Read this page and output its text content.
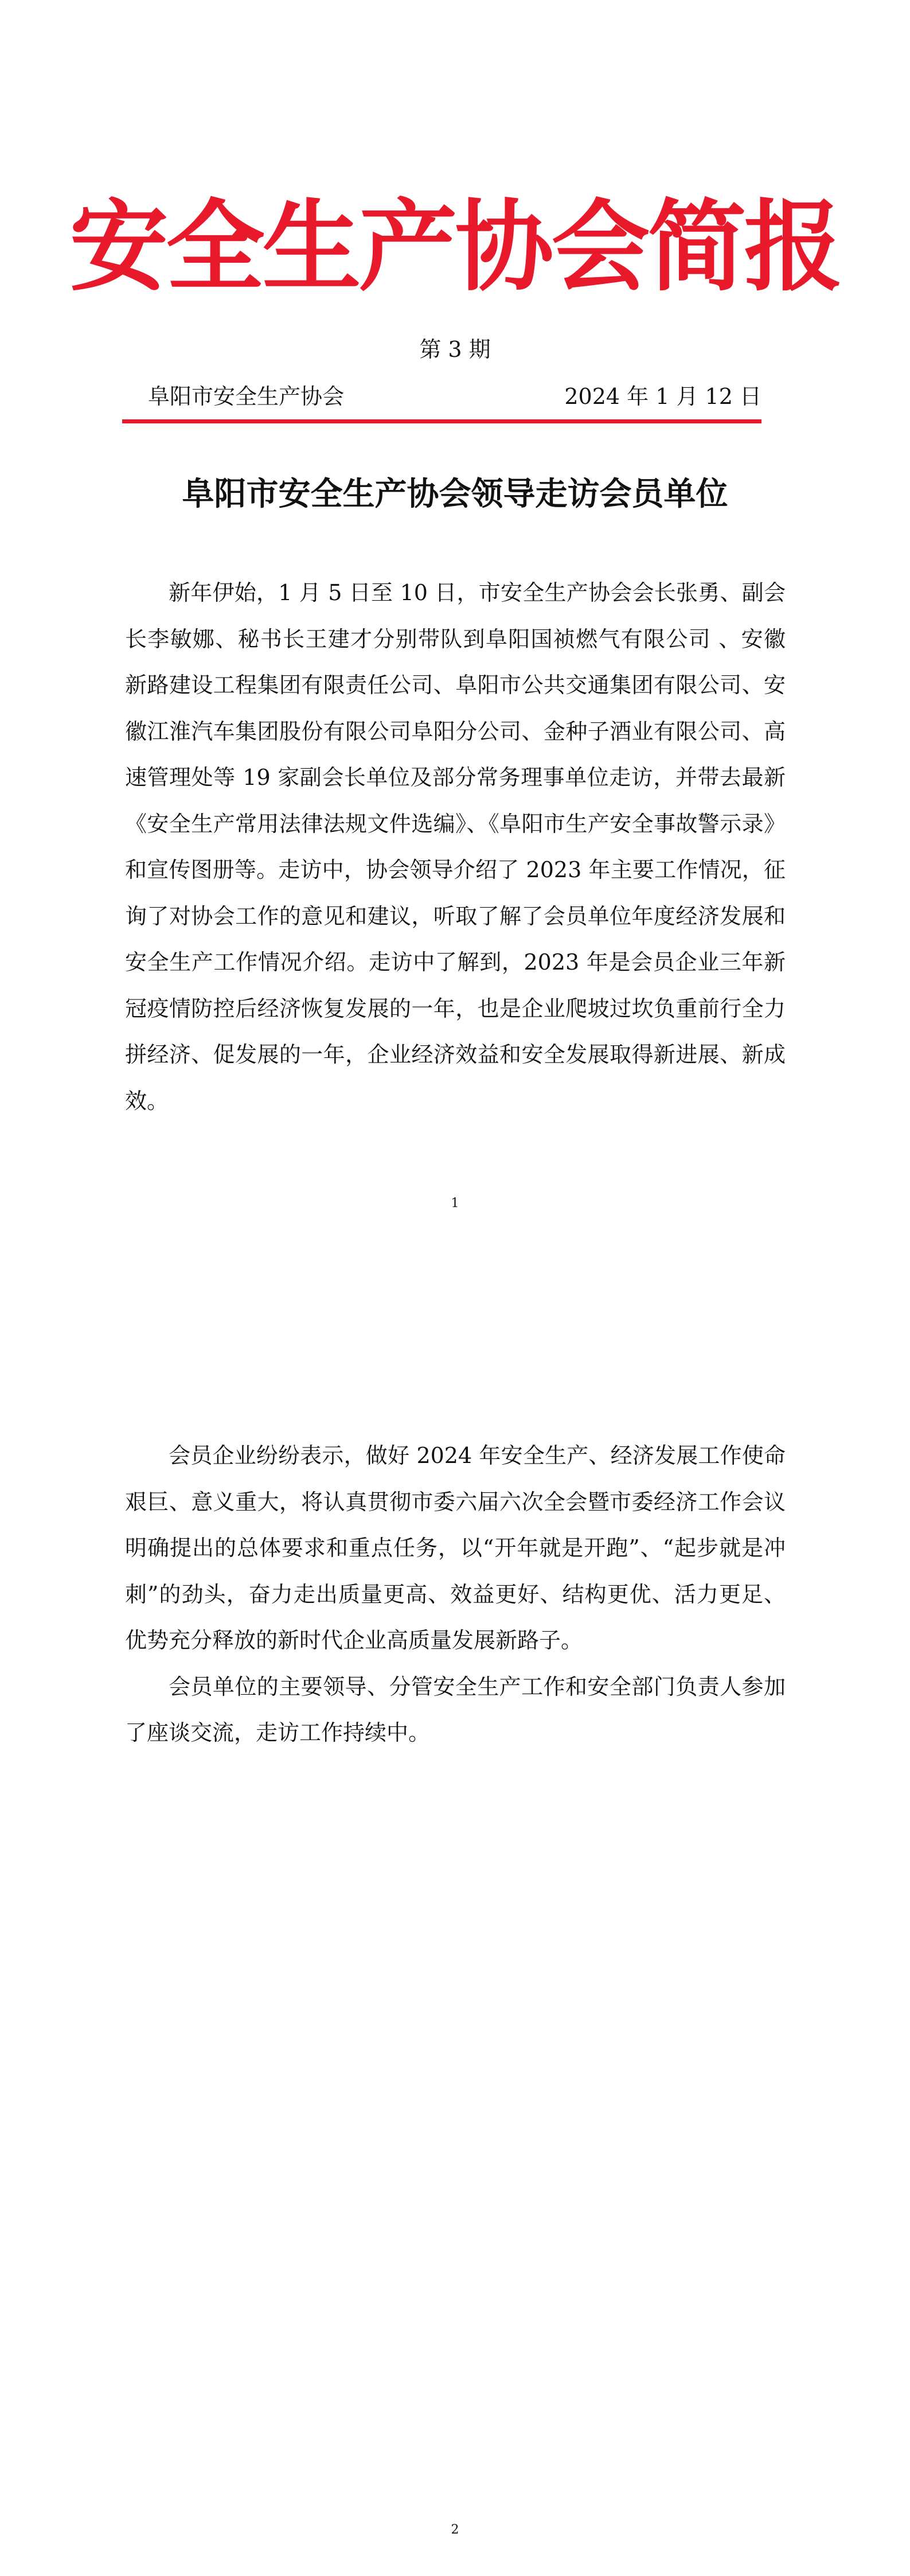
安全生产协会简报
第 3 期
阜阳市安全生产协会	2024 年 1 月 12 日
阜阳市安全生产协会领导走访会员单位

新年伊始，1 月 5 日至 10 日，市安全生产协会会长张勇、副会长李敏娜、秘书长王建才分别带队到阜阳国祯燃气有限公司 、安徽新路建设工程集团有限责任公司、阜阳市公共交通集团有限公司、安徽江淮汽车集团股份有限公司阜阳分公司、金种子酒业有限公司、高速管理处等 19 家副会长单位及部分常务理事单位走访，并带去最新《安全生产常用法律法规文件选编》、《阜阳市生产安全事故警示录》和宣传图册等。走访中，协会领导介绍了 2023 年主要工作情况，征询了对协会工作的意见和建议，听取了解了会员单位年度经济发展和安全生产工作情况介绍。走访中了解到，2023 年是会员企业三年新冠疫情防控后经济恢复发展的一年，也是企业爬坡过坎负重前行全力拼经济、促发展的一年，企业经济效益和安全发展取得新进展、新成效。

1
2

会员企业纷纷表示，做好 2024 年安全生产、经济发展工作使命艰巨、意义重大，将认真贯彻市委六届六次全会暨市委经济工作会议明确提出的总体要求和重点任务，以“开年就是开跑”、“起步就是冲刺”的劲头，奋力走出质量更高、效益更好、结构更优、活力更足、优势充分释放的新时代企业高质量发展新路子。

会员单位的主要领导、分管安全生产工作和安全部门负责人参加了座谈交流，走访工作持续中。
